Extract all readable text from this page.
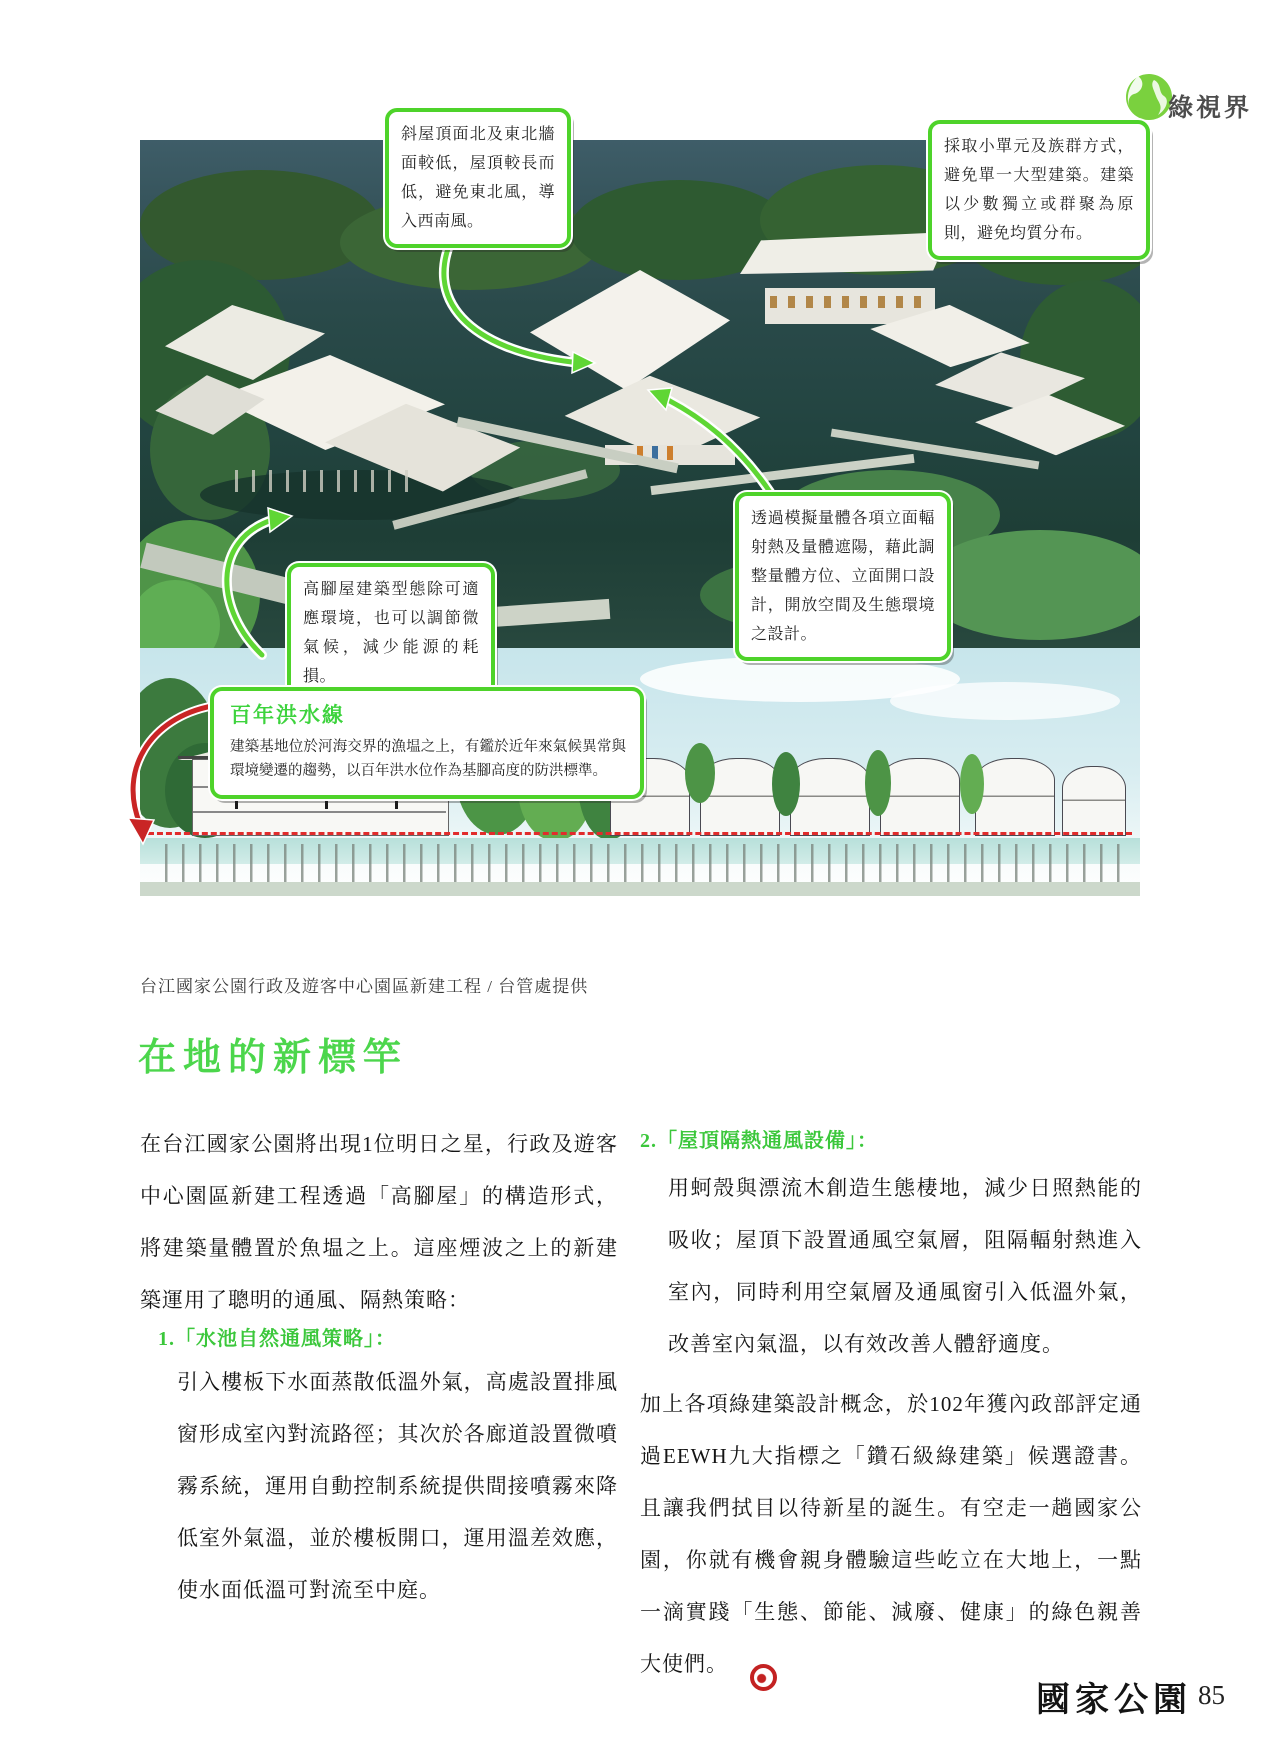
綠視界

斜屋頂面北及東北牆面較低，屋頂較長而低，避免東北風，導入西南風。

採取小單元及族群方式，避免單一大型建築。建築以少數獨立或群聚為原則，避免均質分布。

透過模擬量體各項立面輻射熱及量體遮陽，藉此調整量體方位、立面開口設計，開放空間及生態環境之設計。

高腳屋建築型態除可適應環境，也可以調節微氣候，減少能源的耗損。

百年洪水線

建築基地位於河海交界的漁塭之上，有鑑於近年來氣候異常與環境變遷的趨勢，以百年洪水位作為基腳高度的防洪標準。

台江國家公園行政及遊客中心園區新建工程 / 台管處提供

在地的新標竿

在台江國家公園將出現1位明日之星，行政及遊客中心園區新建工程透過「高腳屋」的構造形式，將建築量體置於魚塭之上。這座煙波之上的新建築運用了聰明的通風、隔熱策略：

1.「水池自然通風策略」：

引入樓板下水面蒸散低溫外氣，高處設置排風窗形成室內對流路徑；其次於各廊道設置微噴霧系統，運用自動控制系統提供間接噴霧來降低室外氣溫，並於樓板開口，運用溫差效應，使水面低溫可對流至中庭。

2.「屋頂隔熱通風設備」：

用蚵殼與漂流木創造生態棲地，減少日照熱能的吸收；屋頂下設置通風空氣層，阻隔輻射熱進入室內，同時利用空氣層及通風窗引入低溫外氣，改善室內氣溫，以有效改善人體舒適度。

加上各項綠建築設計概念，於102年獲內政部評定通過EEWH九大指標之「鑽石級綠建築」候選證書。且讓我們拭目以待新星的誕生。有空走一趟國家公園，你就有機會親身體驗這些屹立在大地上，一點一滴實踐「生態、節能、減廢、健康」的綠色親善大使們。

國家公園 85
